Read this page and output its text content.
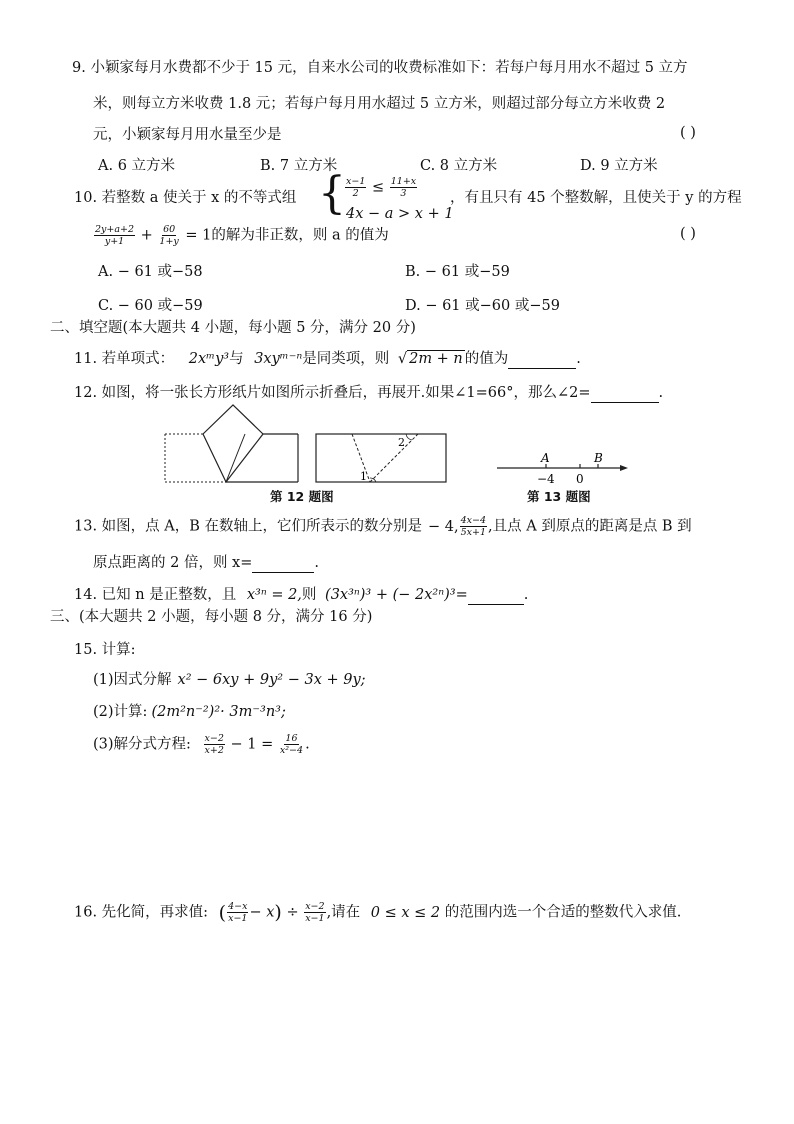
9. 小颖家每月水费都不少于 15 元，自来水公司的收费标准如下：若每户每月用水不超过 5 立方
米，则每立方米收费 1.8 元；若每户每月用水超过 5 立方米，则超过部分每立方米收费 2
元，小颖家每月用水量至少是	( )
A. 6 立方米	B. 7 立方米	C. 8 立方米	D. 9 立方米
10. 若整数 a 使关于 x 的不等式组 { $\frac{x-1}{2} \le \frac{11+x}{3}$
4x − a > x + 1
，有且只有 45 个整数解，且使关于 y 的方程
$\frac{2y+a+2}{y+1} + \frac{60}{1+y} = 1$的解为非正数，则 a 的值为	( )
A. − 61 或−58	B. − 61 或−59
C. − 60 或−59	D. − 61 或−60 或−59
二、填空题(本大题共 4 小题，每小题 5 分，满分 20 分)
11. 若单项式： 2xᵐy³与 3xyᵐ⁻ⁿ是同类项，则 √ 2m + n 的值为	.
12. 如图，将一张长方形纸片如图所示折叠后，再展开.如果∠1=66°，那么∠2=	.
1
2
A	B
−4 0
第 12 题图	第 13 题图
13. 如图，点 A，B 在数轴上，它们所表示的数分别是 − 4, $\frac{4x-4}{5x+1}$ ,且点 A 到原点的距离是点 B 到
原点距离的 2 倍，则 x=	.
14. 已知 n 是正整数，且 x³ⁿ = 2,则 (3x³ⁿ)³ + (− 2x²ⁿ)³=	.
三、(本大题共 2 小题，每小题 8 分，满分 16 分)
15. 计算:
(1)因式分解 x² − 6xy + 9y² − 3x + 9y;
(2)计算: (2m²n⁻²)²· 3m⁻³n³;
(3)解分式方程: $\frac{x-2}{x+2} - 1 = \frac{16}{\text{x²−4}}$ .
16. 先化简，再求值: ( $\frac{4-x}{x-1} - x) \div \frac{x-2}{x-1}$ ,请在 0 ≤ x ≤ 2 的范围内选一个合适的整数代入求值.
